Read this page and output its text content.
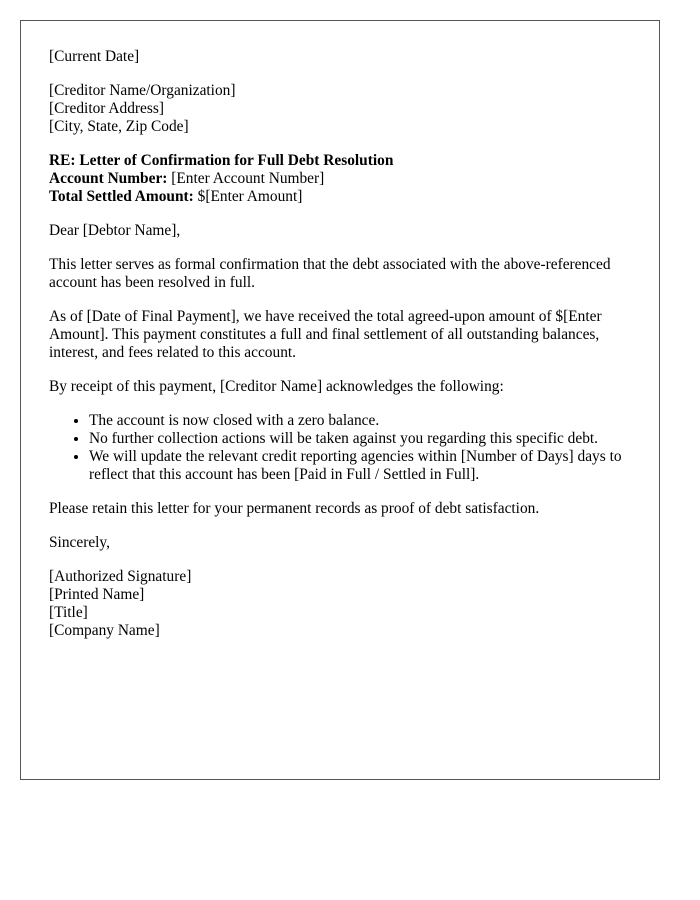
[Current Date]
[Creditor Name/Organization]
[Creditor Address]
[City, State, Zip Code]
RE: Letter of Confirmation for Full Debt Resolution
Account Number: [Enter Account Number]
Total Settled Amount: $[Enter Amount]

Dear [Debtor Name],

This letter serves as formal confirmation that the debt associated with the above-referenced account has been resolved in full.

As of [Date of Final Payment], we have received the total agreed-upon amount of $[Enter Amount]. This payment constitutes a full and final settlement of all outstanding balances, interest, and fees related to this account.

By receipt of this payment, [Creditor Name] acknowledges the following:

• The account is now closed with a zero balance.
• No further collection actions will be taken against you regarding this specific debt.
• We will update the relevant credit reporting agencies within [Number of Days] days to reflect that this account has been [Paid in Full / Settled in Full].

Please retain this letter for your permanent records as proof of debt satisfaction.

Sincerely,

[Authorized Signature]
[Printed Name]
[Title]
[Company Name]
